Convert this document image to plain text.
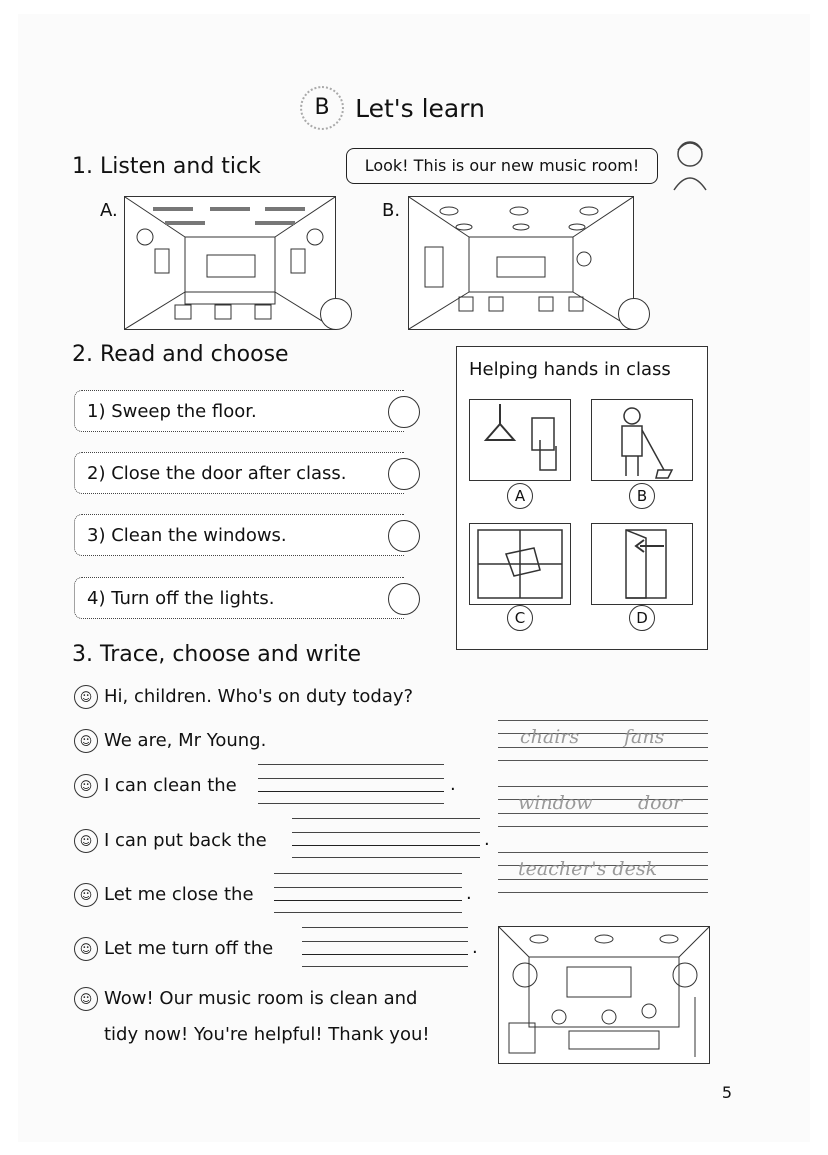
B Let's learn
1. Listen and tick	Look! This is our new music room!
A.	B.
2. Read and choose
1) Sweep the floor.
2) Close the door after class.
3) Clean the windows.
4) Turn off the lights.
Helping hands in class
A	B
C	D
3. Trace, choose and write
☺ Hi, children. Who's on duty today?
☺ We are, Mr Young.
☺ I can clean the	.
☺ I can put back the	.
☺ Let me close the	.
☺ Let me turn off the	.
☺ Wow! Our music room is clean and
tidy now! You're helpful! Thank you!
chairs fans
window door
teacher's desk
5
